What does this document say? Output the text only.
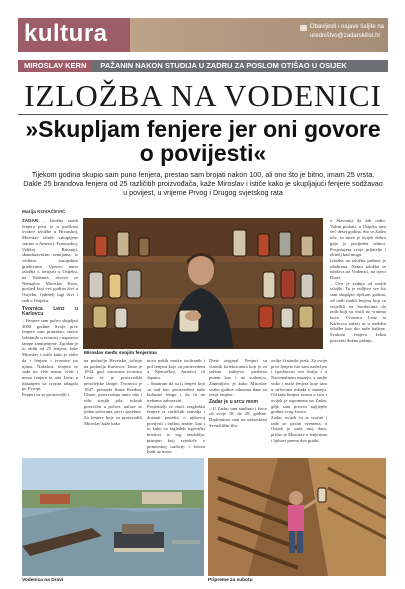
kultura	Obavijesti i najave šaljite na
uredništvo@zadarskilist.hr
MIROSLAV KERN	PAŽANIN NAKON STUDIJA U ZADRU ZA POSLOM OTIŠAO U OSIJEK
IZLOŽBA NA VODENICI
»Skupljam fenjere jer oni govore o povijesti«
Tijekom godina skupio sam puno fenjera, prestao sam brojati nakon 100, ali ono što je bitno, imam 25 vrsta. Dakle 25 brandova fenjera od 25 različitih proizvođača, kaže Miroslav i ističe kako je skupljajući fenjere sodžavao u povijest, u vrijeme Prvog i Drugog svjetskog rata
Marija KOVAČEVIĆ

ZADAR – Izložba starih fenjera prva je u prošlosti ovakve izložbe u Hrvatskoj. Miroslav izlaže sakupljene starine u Americi, Francuskoj, Velikoj Britaniji, skandinavskim zemljama, te velikim europskim gradovima. Upravo tamo izložba i, ferujući u Osijeku, na Vodenici, otvorit će Nemajlov Miroslav Kern, posljeđ koji već godina živi u Osijeku, ljubitelj lugi živi i radi u Osijeku.

Tvornica Lenz u Karlovcu

– Fenjere sam počeo skupljati 2000. godine. Svoje prve fenjere sam pronašao, stavio faksimile u tvornici i napravio lampe zamijenjene. Zgodan je to oblik od 25 fenjera, kaže Miroslav i ističe kako je vidio da i fenjere i tvornice po njima. Nažalost, fenjera se sada ne više nema, tvrdi i nema fenjera iz rata Lenz, a tiskanjem sa svojim izlagala po Evropi.

Fenjeri su se proizvodili i

Miroslav među svojim fenjerima

na području Hrvatske, točnije na području Karlovca. Tamo je 1934. god. osnovana tvornica Lenz te je proizvodila petrolejske lampe. Tvornica je 1947. preuzela firma Kordun. Ubrzo, proizvodnja tamo nije i više strojih pila, ruksak posvećen u počeci, nalaze se jedno sačuvana, prvi i posebno. Za fenjere koje su proizvodili Miroslav kaže kako

nova nekih marke izoliranih i pol fenjera koje su proizvedeni u Njemačkoj, Americi ili Japanu.

– Smatram da su ti fenjeri koji su sad kao proizvedeni naše kulturne blago i da ih ne trebamo zaboraviti.

Posjetitelji će moći razgledati fenjere iz različitih zemalja i doznati ponešto o njihovoj povijesti i načinu izrade, kao i to kako su izgledali trgovački brodovi iz tog razdoblja, primjeri koji svjedoče o pomorskoj tradiciji i životu ljudi uz more.

Dietz original. Fenjeri su vlasnik kolekcionara koji je za sobom zahtjeve prošetao putem kao i na vodenicu. Zanimljivo je kako Miroslav svako godine oduzima dane za svoje fenjere.

Zadar je u srcu mom

– U Zadru sam studirao i živio od svoje 18. do 28. godine. Diplomirao sam na zadarskom Sveučilištu filo-

zofije i latinski jezik. Za svoje prve fenjere bio sam zadivljen i ispoštovao ove kutije i u Nacionalnom muzeju, a ondje vidio i malo fenjera koje sam u stilovima nikada u muzeju. Od tada fenjere nosim u srcu i uvijek je uspomena na Zadar, gdje sam proveo najljepše godine svog života.

Zadar, uvijek ću se vraćati i rado se sjećati vremena, a Osijek je sada moj dom, pričao je Miroslav o fenjerima i ljubavi prema dva grada.

o Slavoniji da bih radio. Volim probati, u Osijeku sam već deset godina. Sto se Zadra tiče, za more je uvijek dobro gdje je posljedni odmor. Posjećujem svoje prijatelje i obitelj kad mogu.

Izložba na izložbu pušteni je odobrena. Nemu izložba se održava na Vodenici, na rijeci Dravi.

– Ovo je zadnja od mojih izložbi. Tu je vidljivo sve što sam skupljao tijekom godina, od onih malih fenjera koji su svijetlili na brodovima do onih koji su visili na vratima kuća. Tvornica Lenz iz Karlovca nalazi se u središtu izložbe kao dio naše baštine. Svakom fenjeru želim posvetiti dužnu pažnju.

Vodenica na Dravi	Pripreme za subotu
